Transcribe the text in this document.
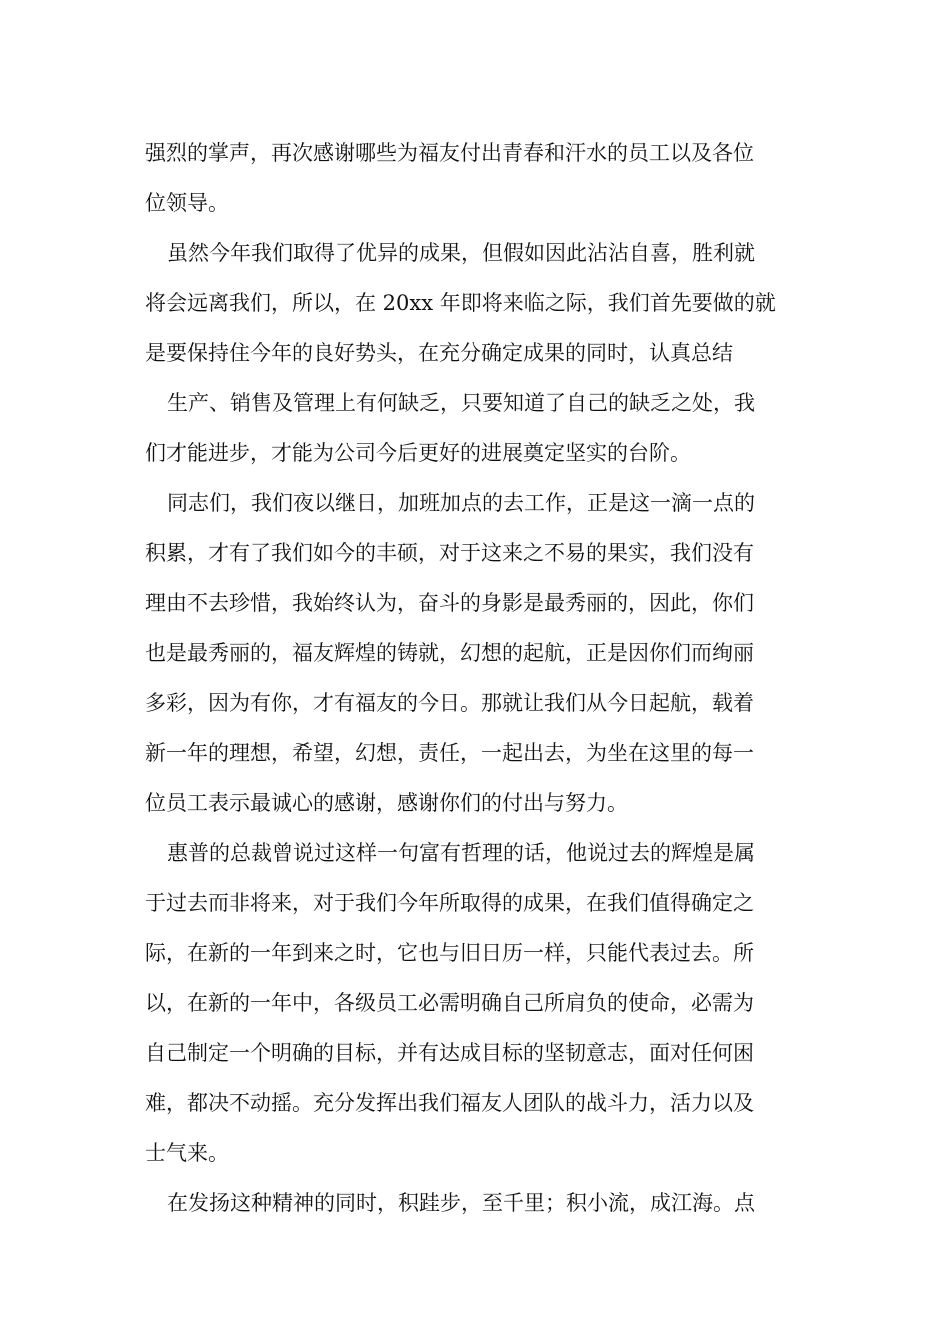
强烈的掌声，再次感谢哪些为福友付出青春和汗水的员工以及各位
位领导。
虽然今年我们取得了优异的成果，但假如因此沾沾自喜，胜利就
将会远离我们，所以，在 20xx 年即将来临之际，我们首先要做的就
是要保持住今年的良好势头，在充分确定成果的同时，认真总结
生产、销售及管理上有何缺乏，只要知道了自己的缺乏之处，我
们才能进步，才能为公司今后更好的进展奠定坚实的台阶。
同志们，我们夜以继日，加班加点的去工作，正是这一滴一点的
积累，才有了我们如今的丰硕，对于这来之不易的果实，我们没有
理由不去珍惜，我始终认为，奋斗的身影是最秀丽的，因此，你们
也是最秀丽的，福友辉煌的铸就，幻想的起航，正是因你们而绚丽
多彩，因为有你，才有福友的今日。那就让我们从今日起航，载着
新一年的理想，希望，幻想，责任，一起出去，为坐在这里的每一
位员工表示最诚心的感谢，感谢你们的付出与努力。
惠普的总裁曾说过这样一句富有哲理的话，他说过去的辉煌是属
于过去而非将来，对于我们今年所取得的成果，在我们值得确定之
际，在新的一年到来之时，它也与旧日历一样，只能代表过去。所
以，在新的一年中，各级员工必需明确自己所肩负的使命，必需为
自己制定一个明确的目标，并有达成目标的坚韧意志，面对任何困
难，都决不动摇。充分发挥出我们福友人团队的战斗力，活力以及
士气来。
在发扬这种精神的同时，积跬步，至千里；积小流，成江海。点
